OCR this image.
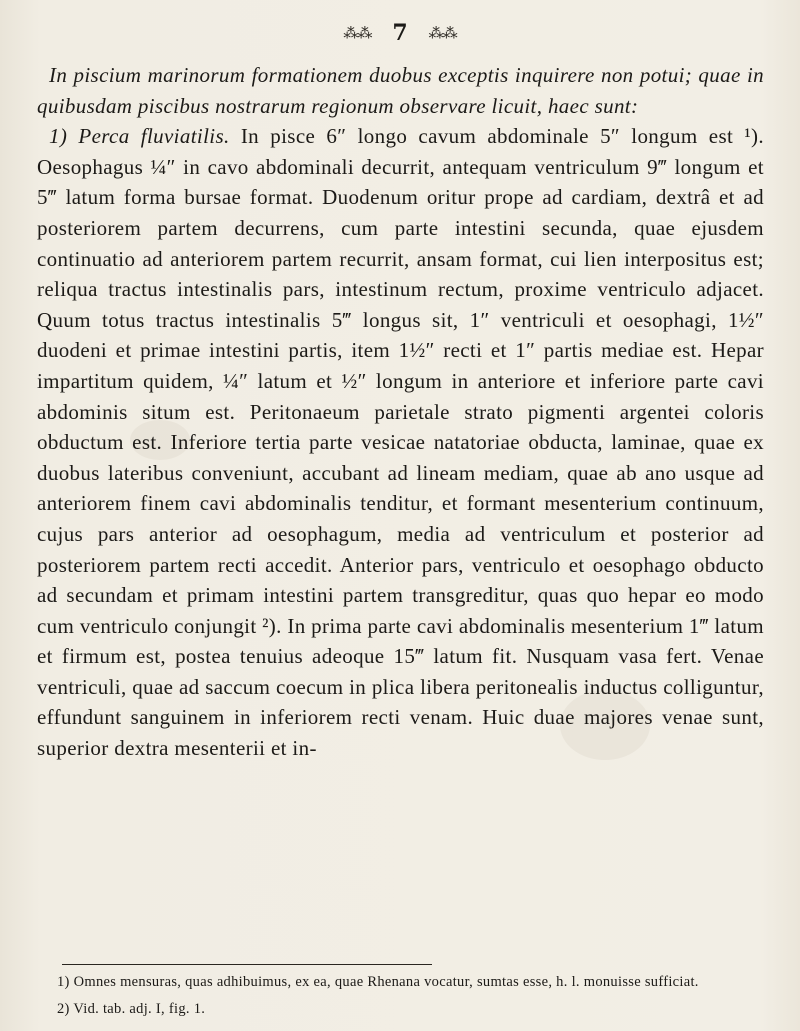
⁂⁂ 7 ⁂⁂

In piscium marinorum formationem duobus exceptis inquirere non potui; quae in quibusdam piscibus nostrarum regionum observare licuit, haec sunt:

1) Perca fluviatilis. In pisce 6″ longo cavum abdominale 5″ longum est ¹). Oesophagus ¼″ in cavo abdominali decurrit, antequam ventriculum 9‴ longum et 5‴ latum forma bursae format. Duodenum oritur prope ad cardiam, dextrâ et ad posteriorem partem decurrens, cum parte intestini secunda, quae ejusdem continuatio ad anteriorem partem recurrit, ansam format, cui lien interpositus est; reliqua tractus intestinalis pars, intestinum rectum, proxime ventriculo adjacet. Quum totus tractus intestinalis 5‴ longus sit, 1″ ventriculi et oesophagi, 1½″ duodeni et primae intestini partis, item 1½″ recti et 1″ partis mediae est. Hepar impartitum quidem, ¼″ latum et ½″ longum in anteriore et inferiore parte cavi abdominis situm est. Peritonaeum parietale strato pigmenti argentei coloris obductum est. Inferiore tertia parte vesicae natatoriae obducta, laminae, quae ex duobus lateribus conveniunt, accubant ad lineam mediam, quae ab ano usque ad anteriorem finem cavi abdominalis tenditur, et formant mesenterium continuum, cujus pars anterior ad oesophagum, media ad ventriculum et posterior ad posteriorem partem recti accedit. Anterior pars, ventriculo et oesophago obducto ad secundam et primam intestini partem transgreditur, quas quo hepar eo modo cum ventriculo conjungit ²). In prima parte cavi abdominalis mesenterium 1‴ latum et firmum est, postea tenuius adeoque 15‴ latum fit. Nusquam vasa fert. Venae ventriculi, quae ad saccum coecum in plica libera peritonealis inductus colliguntur, effundunt sanguinem in inferiorem recti venam. Huic duae majores venae sunt, superior dextra mesenterii et in-

1) Omnes mensuras, quas adhibuimus, ex ea, quae Rhenana vocatur, sumtas esse, h. l. monuisse sufficiat.

2) Vid. tab. adj. I, fig. 1.
